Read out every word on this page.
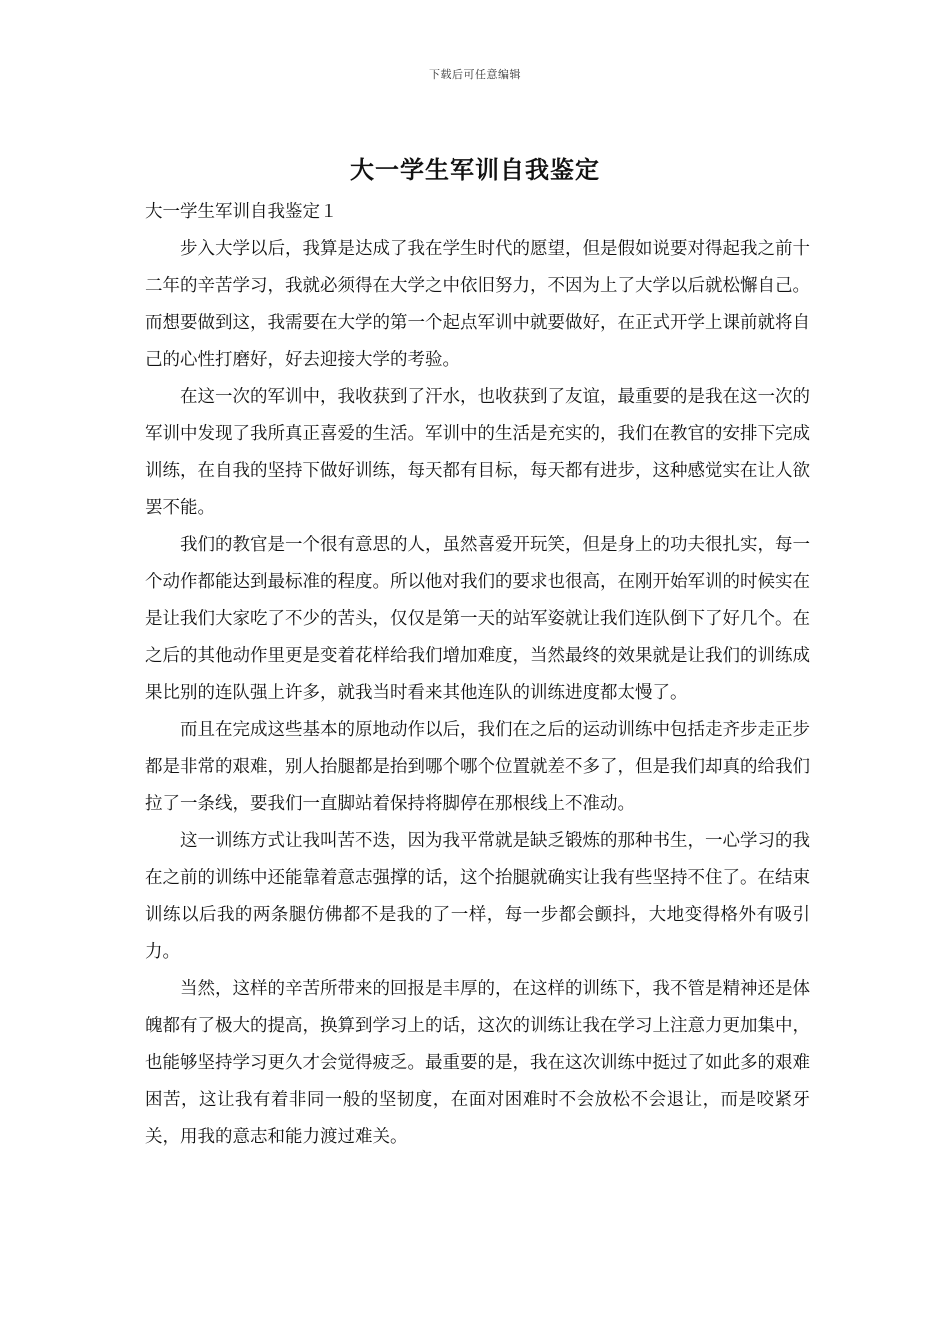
下载后可任意编辑
大一学生军训自我鉴定

大一学生军训自我鉴定１

步入大学以后，我算是达成了我在学生时代的愿望，但是假如说要对得起我之前十二年的辛苦学习，我就必须得在大学之中依旧努力，不因为上了大学以后就松懈自己。而想要做到这，我需要在大学的第一个起点军训中就要做好，在正式开学上课前就将自己的心性打磨好，好去迎接大学的考验。

在这一次的军训中，我收获到了汗水，也收获到了友谊，最重要的是我在这一次的军训中发现了我所真正喜爱的生活。军训中的生活是充实的，我们在教官的安排下完成训练，在自我的坚持下做好训练，每天都有目标，每天都有进步，这种感觉实在让人欲罢不能。

我们的教官是一个很有意思的人，虽然喜爱开玩笑，但是身上的功夫很扎实，每一个动作都能达到最标准的程度。所以他对我们的要求也很高，在刚开始军训的时候实在是让我们大家吃了不少的苦头，仅仅是第一天的站军姿就让我们连队倒下了好几个。在之后的其他动作里更是变着花样给我们增加难度，当然最终的效果就是让我们的训练成果比别的连队强上许多，就我当时看来其他连队的训练进度都太慢了。

而且在完成这些基本的原地动作以后，我们在之后的运动训练中包括走齐步走正步都是非常的艰难，别人抬腿都是抬到哪个哪个位置就差不多了，但是我们却真的给我们拉了一条线，要我们一直脚站着保持将脚停在那根线上不准动。

这一训练方式让我叫苦不迭，因为我平常就是缺乏锻炼的那种书生，一心学习的我在之前的训练中还能靠着意志强撑的话，这个抬腿就确实让我有些坚持不住了。在结束训练以后我的两条腿仿佛都不是我的了一样，每一步都会颤抖，大地变得格外有吸引力。

当然，这样的辛苦所带来的回报是丰厚的，在这样的训练下，我不管是精神还是体魄都有了极大的提高，换算到学习上的话，这次的训练让我在学习上注意力更加集中，也能够坚持学习更久才会觉得疲乏。最重要的是，我在这次训练中挺过了如此多的艰难困苦，这让我有着非同一般的坚韧度，在面对困难时不会放松不会退让，而是咬紧牙关，用我的意志和能力渡过难关。
